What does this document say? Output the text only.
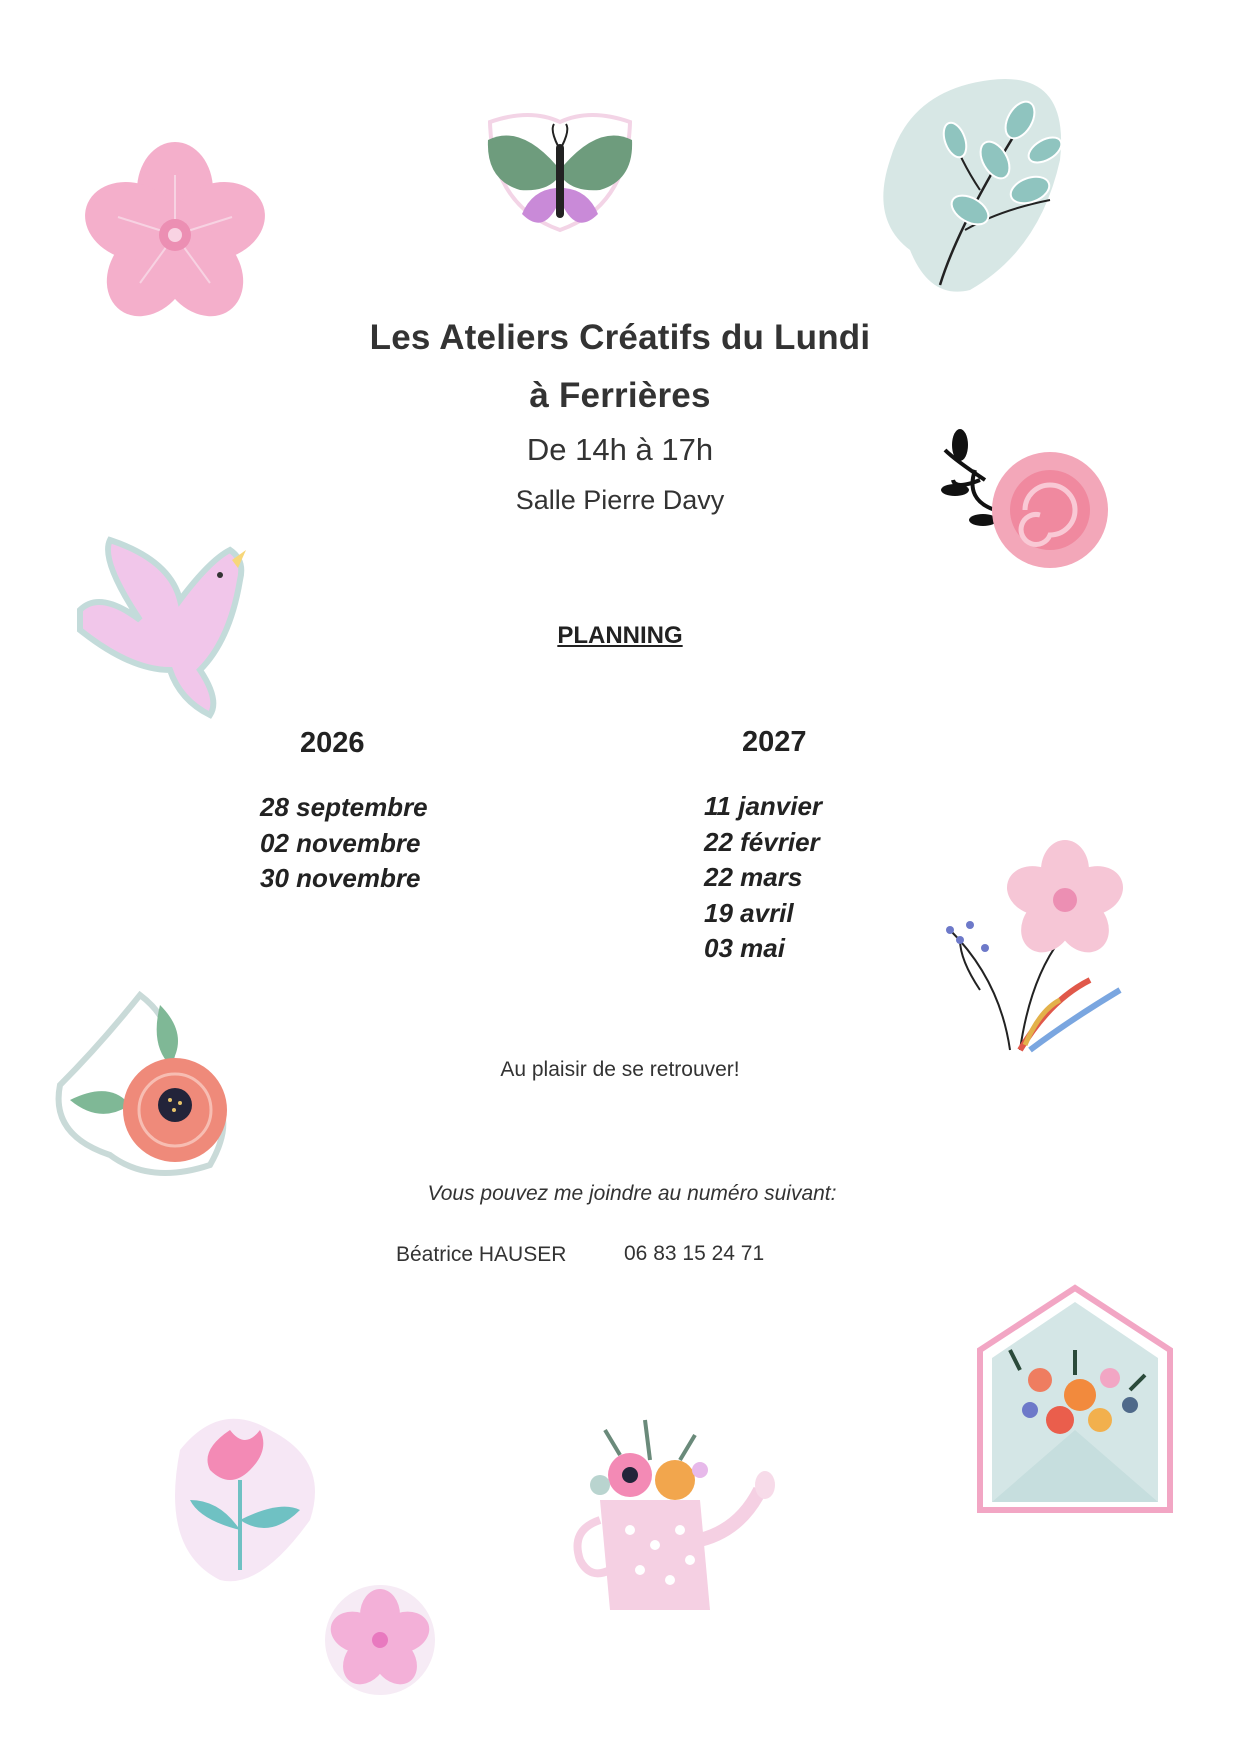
Les Ateliers Créatifs du Lundi
à Ferrières
De 14h à 17h
Salle Pierre Davy
PLANNING
2026
28 septembre
02 novembre
30 novembre
2027
11 janvier
22 février
22 mars
19 avril
03 mai
Au plaisir de se retrouver!
Vous pouvez me joindre au numéro suivant:
Béatrice HAUSER	06 83 15 24 71
